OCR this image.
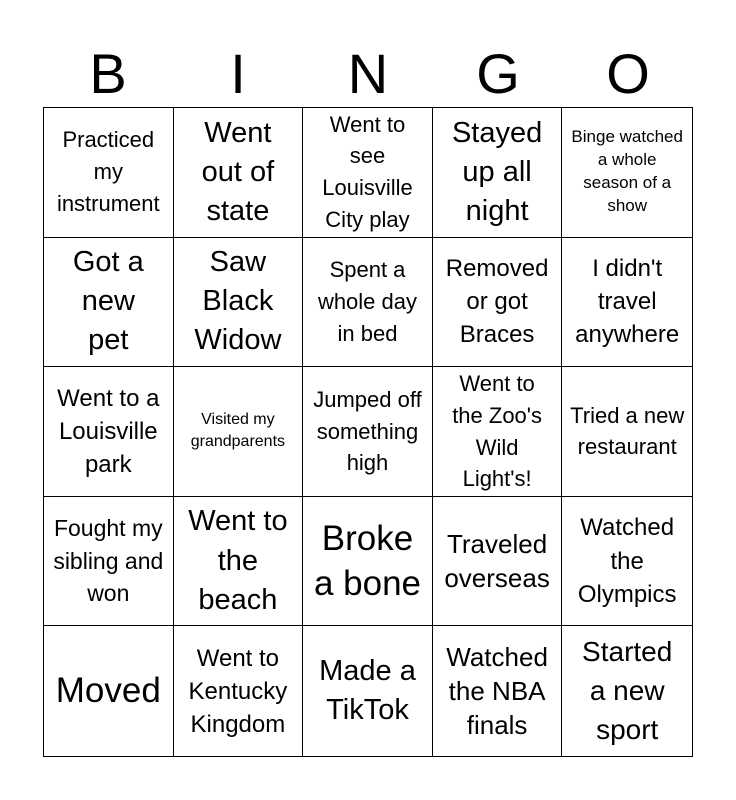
B	I	N	G	O
Practiced my instrument
Went out of state
Went to see Louisville City play
Stayed up all night
Binge watched a whole season of a show
Got a new pet
Saw Black Widow
Spent a whole day in bed
Removed or got Braces
I didn't travel anywhere
Went to a Louisville park
Visited my grandparents
Jumped off something high
Went to the Zoo's Wild Light's!
Tried a new restaurant
Fought my sibling and won
Went to the beach
Broke a bone
Traveled overseas
Watched the Olympics
Moved
Went to Kentucky Kingdom
Made a TikTok
Watched the NBA finals
Started a new sport
